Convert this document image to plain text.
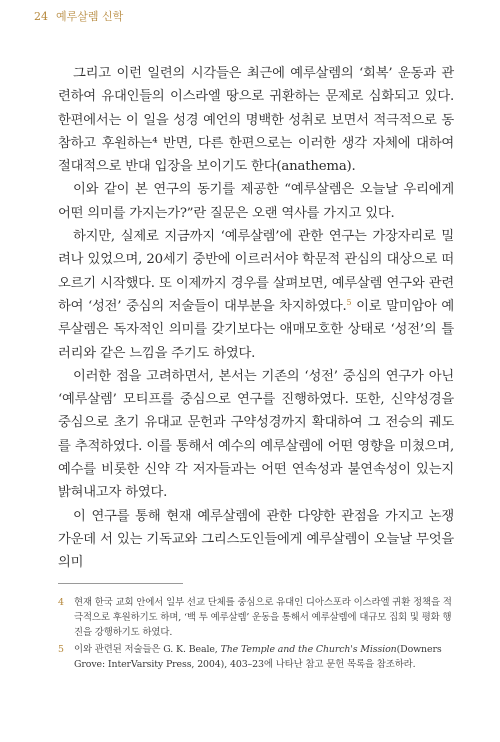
24 예루살렘 신학

그리고 이런 일련의 시각들은 최근에 예루살렘의 ‘회복’ 운동과 관련하여 유대인들의 이스라엘 땅으로 귀환하는 문제로 심화되고 있다. 한편에서는 이 일을 성경 예언의 명백한 성취로 보면서 적극적으로 동참하고 후원하는⁴ 반면, 다른 한편으로는 이러한 생각 자체에 대하여 절대적으로 반대 입장을 보이기도 한다(anathema).

이와 같이 본 연구의 동기를 제공한 “예루살렘은 오늘날 우리에게 어떤 의미를 가지는가?”란 질문은 오랜 역사를 가지고 있다.

하지만, 실제로 지금까지 ‘예루살렘’에 관한 연구는 가장자리로 밀려나 있었으며, 20세기 중반에 이르러서야 학문적 관심의 대상으로 떠오르기 시작했다. 또 이제까지 경우를 살펴보면, 예루살렘 연구와 관련하여 ‘성전’ 중심의 저술들이 대부분을 차지하였다.$^5$ 이로 말미암아 예루살렘은 독자적인 의미를 갖기보다는 애매모호한 상태로 ‘성전’의 틀러리와 같은 느낌을 주기도 하였다.

이러한 점을 고려하면서, 본서는 기존의 ‘성전’ 중심의 연구가 아닌 ‘예루살렘’ 모티프를 중심으로 연구를 진행하였다. 또한, 신약성경을 중심으로 초기 유대교 문헌과 구약성경까지 확대하여 그 전승의 궤도를 추적하였다. 이를 통해서 예수의 예루살렘에 어떤 영향을 미쳤으며, 예수를 비롯한 신약 각 저자들과는 어떤 연속성과 불연속성이 있는지 밝혀내고자 하였다.

이 연구를 통해 현재 예루살렘에 관한 다양한 관점을 가지고 논쟁 가운데 서 있는 기독교와 그리스도인들에게 예루살렘이 오늘날 무엇을 의미

4 현재 한국 교회 안에서 일부 선교 단체를 중심으로 유대인 디아스포라 이스라엘 귀환 정책을 적극적으로 후원하기도 하며, ‘백 투 예루살렘’ 운동을 통해서 예루살렘에 대규모 집회 및 평화 행진을 강행하기도 하였다.

5 이와 관련된 저술들은 G. K. Beale, The Temple and the Church's Mission(Downers Grove: InterVarsity Press, 2004), 403–23에 나타난 참고 문헌 목록을 참조하라.
